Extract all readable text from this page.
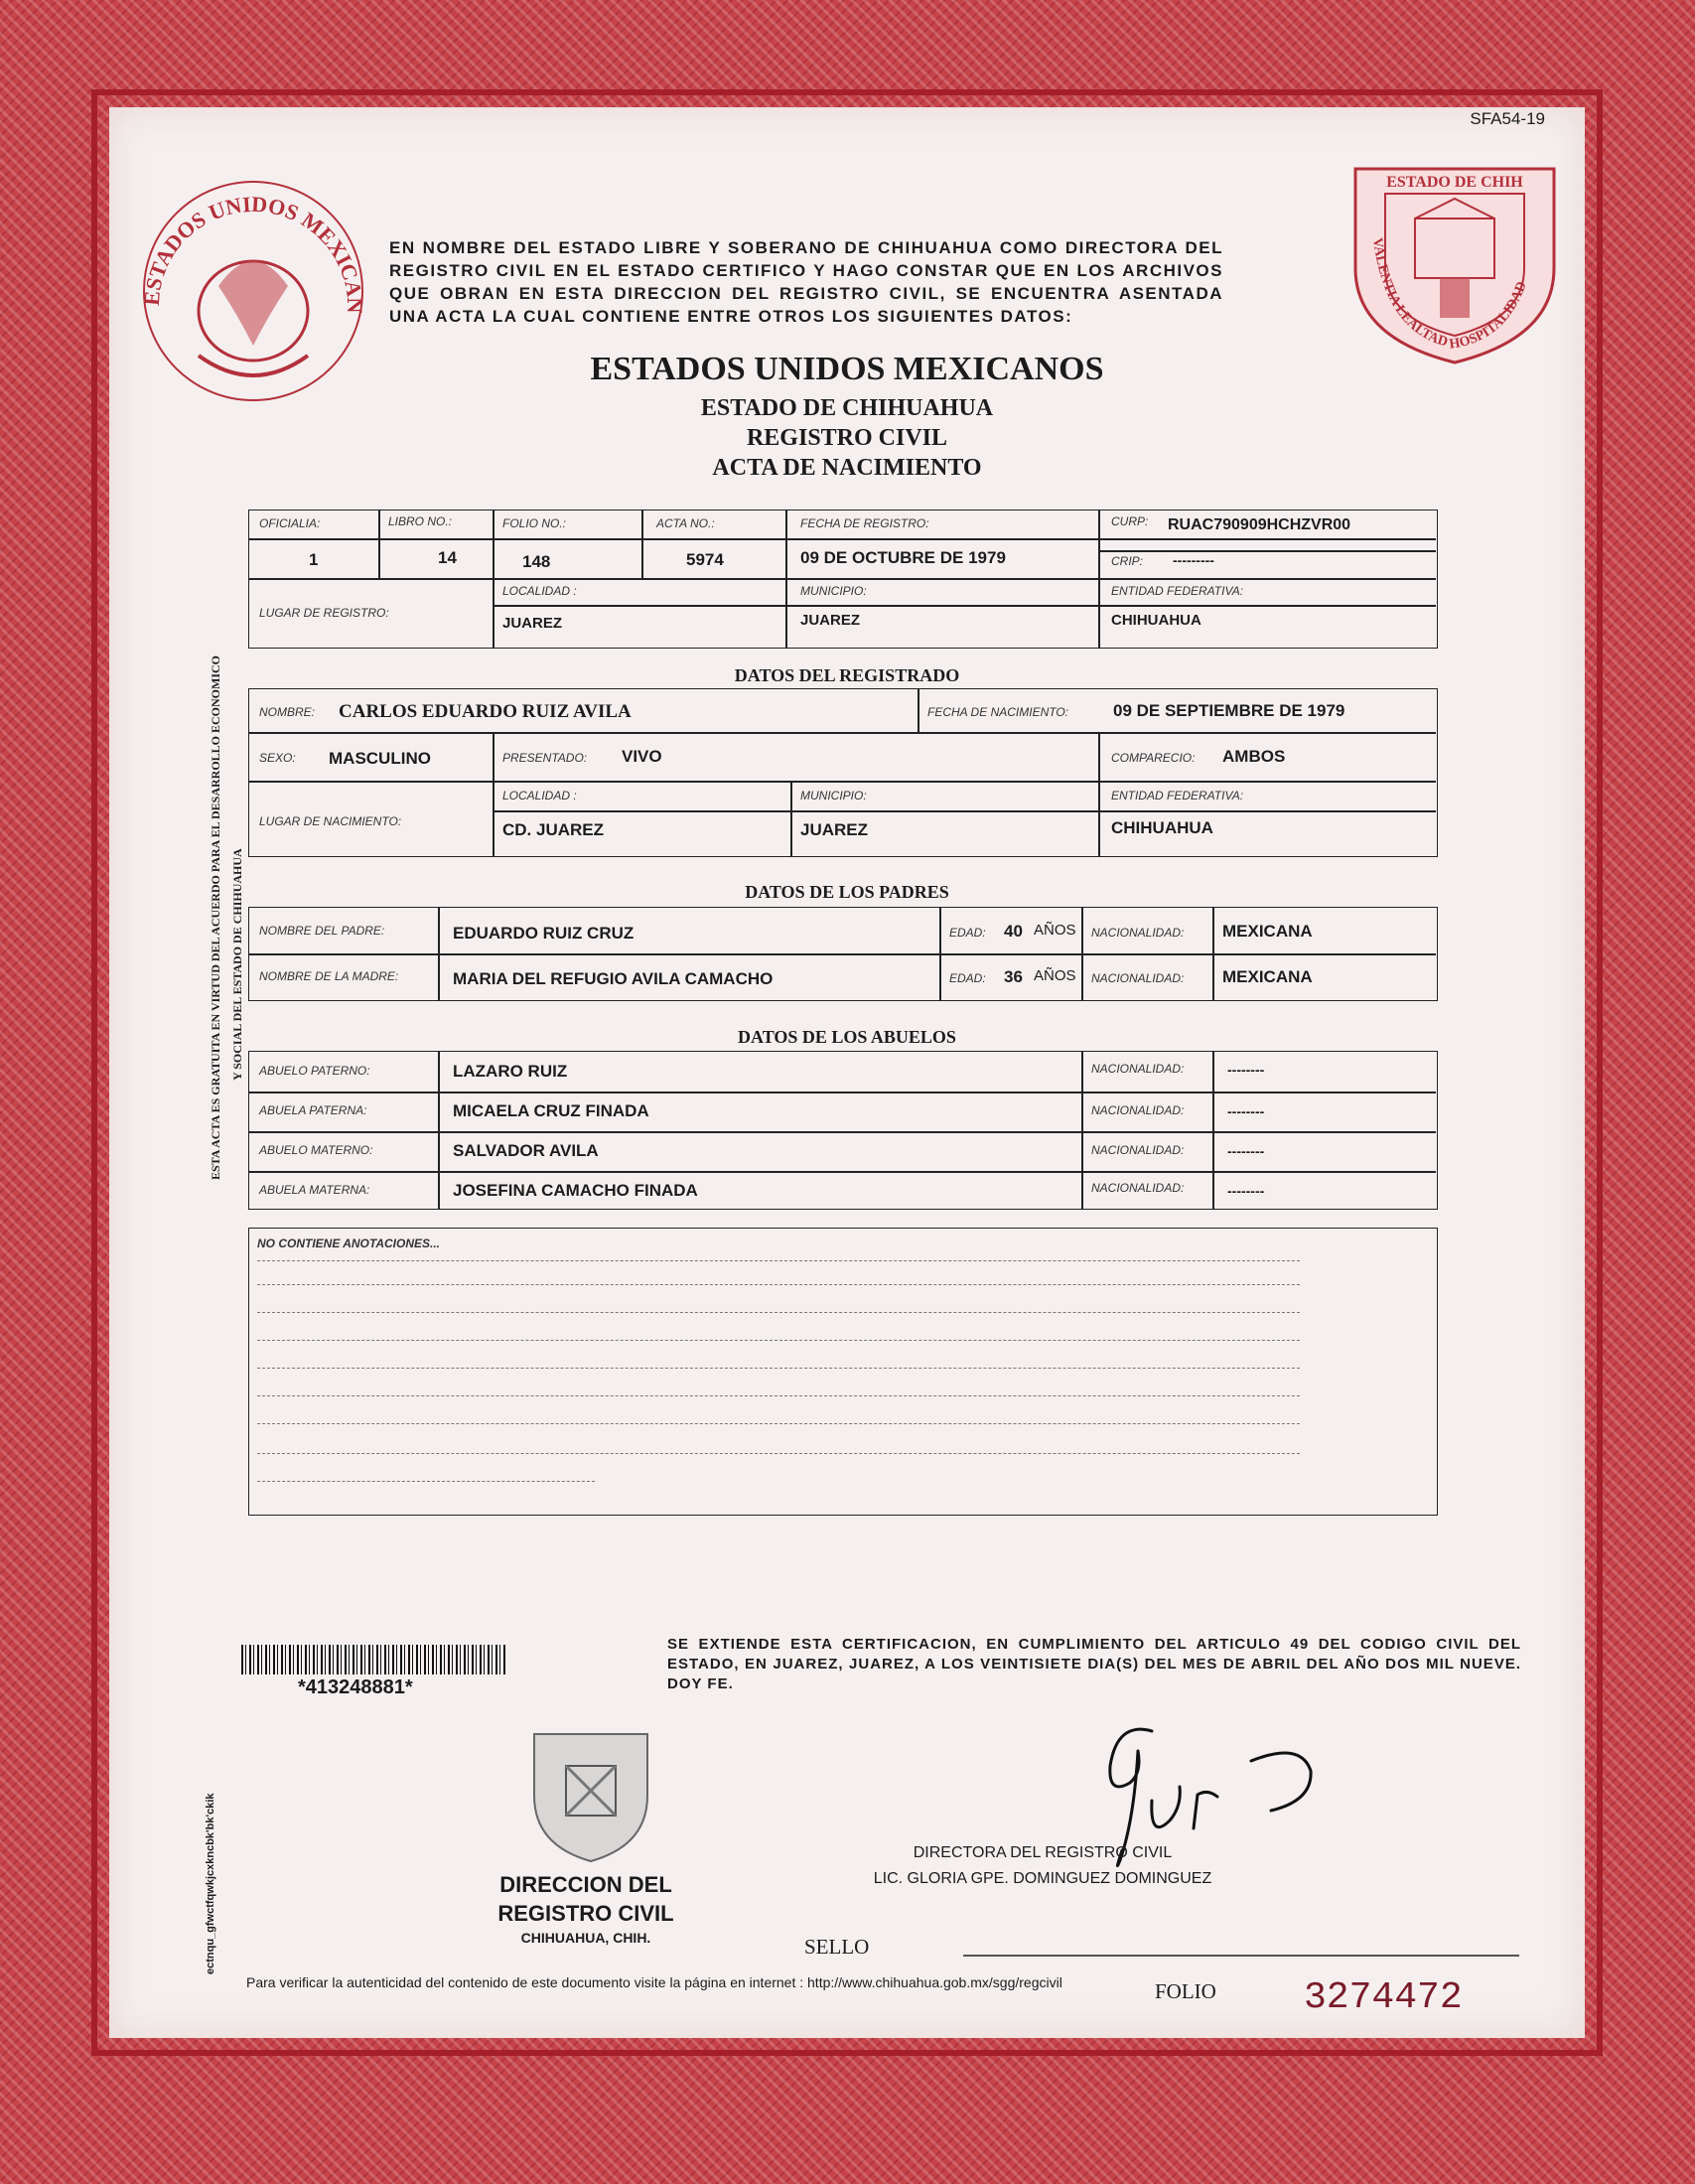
SFA54-19
ESTADOS UNIDOS MEXICAN
ESTADO DE CHIH
VALENTIA LEALTAD HOSPITALIDAD
EN NOMBRE DEL ESTADO LIBRE Y SOBERANO DE CHIHUAHUA COMO DIRECTORA DEL REGISTRO CIVIL EN EL ESTADO CERTIFICO Y HAGO CONSTAR QUE EN LOS ARCHIVOS QUE OBRAN EN ESTA DIRECCION DEL REGISTRO CIVIL, SE ENCUENTRA ASENTADA UNA ACTA LA CUAL CONTIENE ENTRE OTROS LOS SIGUIENTES DATOS:
ESTADOS UNIDOS MEXICANOS
ESTADO DE CHIHUAHUA
REGISTRO CIVIL
ACTA DE NACIMIENTO
ESTA ACTA ES GRATUITA EN VIRTUD DEL ACUERDO PARA EL DESARROLLO ECONOMICO Y SOCIAL DEL ESTADO DE CHIHUAHUA
OFICIALIA:
1
LIBRO NO.:
14
FOLIO NO.:
148
ACTA NO.:
5974
FECHA DE REGISTRO:
09 DE OCTUBRE DE 1979
CURP: RUAC790909HCHZVR00
CRIP: ---------
LUGAR DE REGISTRO:
LOCALIDAD :
JUAREZ
MUNICIPIO:
JUAREZ
ENTIDAD FEDERATIVA:
CHIHUAHUA
DATOS DEL REGISTRADO
NOMBRE: CARLOS EDUARDO RUIZ AVILA	FECHA DE NACIMIENTO:	09 DE SEPTIEMBRE DE 1979
SEXO: MASCULINO	PRESENTADO: VIVO	COMPARECIO: AMBOS
LUGAR DE NACIMIENTO:
LOCALIDAD :
CD. JUAREZ
MUNICIPIO:
JUAREZ
ENTIDAD FEDERATIVA:
CHIHUAHUA
DATOS DE LOS PADRES
NOMBRE DEL PADRE:	EDUARDO RUIZ CRUZ	EDAD: 40 AÑOS NACIONALIDAD: MEXICANA
NOMBRE DE LA MADRE:	MARIA DEL REFUGIO AVILA CAMACHO	EDAD: 36 AÑOS NACIONALIDAD: MEXICANA
DATOS DE LOS ABUELOS
ABUELO PATERNO:	LAZARO RUIZ	NACIONALIDAD:	--------
ABUELA PATERNA:	MICAELA CRUZ FINADA	NACIONALIDAD:	--------
ABUELO MATERNO:	SALVADOR AVILA	NACIONALIDAD:	--------
ABUELA MATERNA:	JOSEFINA CAMACHO FINADA	NACIONALIDAD:	--------
NO CONTIENE ANOTACIONES...
*413248881*
SE EXTIENDE ESTA CERTIFICACION, EN CUMPLIMIENTO DEL ARTICULO 49 DEL CODIGO CIVIL DEL ESTADO, EN JUAREZ, JUAREZ, A LOS VEINTISIETE DIA(S) DEL MES DE ABRIL DEL AÑO DOS MIL NUEVE. DOY FE.
DIRECCION DEL
REGISTRO CIVIL
CHIHUAHUA, CHIH.
DIRECTORA DEL REGISTRO CIVIL
LIC. GLORIA GPE. DOMINGUEZ DOMINGUEZ
SELLO
Para verificar la autenticidad del contenido de este documento visite la página en internet : http://www.chihuahua.gob.mx/sgg/regcivil	FOLIO 3274472
ectnqu_gfwctfqwkjcxkncbk'bk'ckik
